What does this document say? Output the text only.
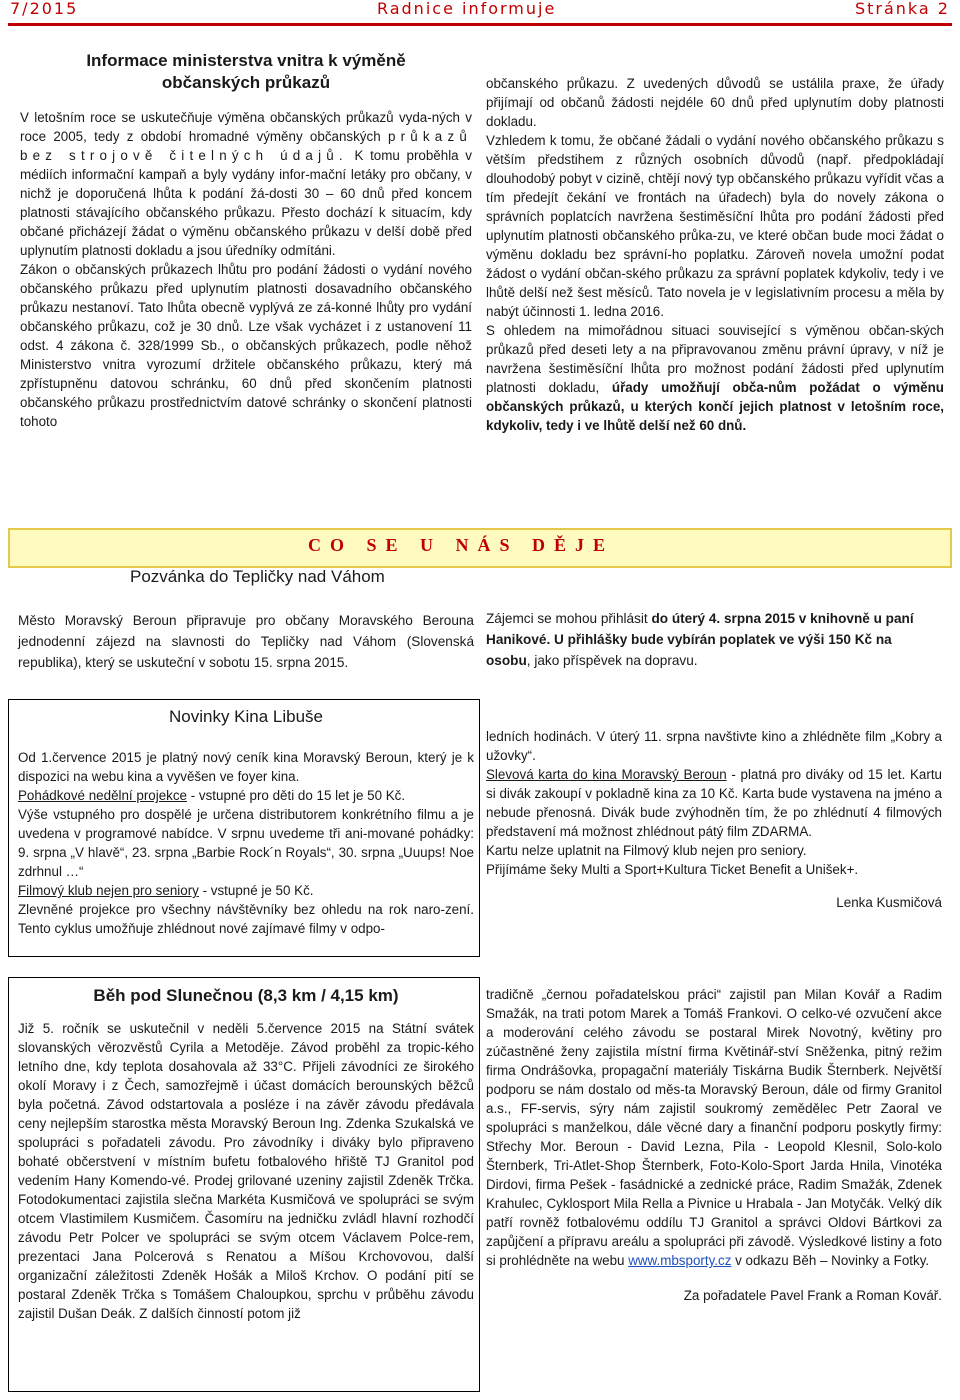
7/2015	Radnice informuje	Stránka 2
Informace ministerstva vnitra k výměně
občanských průkazů

V letošním roce se uskutečňuje výměna občanských průkazů vyda-ných v roce 2005, tedy z období hromadné výměny občanských průkazů bez strojově čitelných údajů. K tomu proběhla v médiích informační kampaň a byly vydány infor-mační letáky pro občany, v nichž je doporučená lhůta k podání žá-dosti 30 – 60 dnů před koncem platnosti stávajícího občanského průkazu. Přesto dochází k situacím, kdy občané přicházejí žádat o výměnu občanského průkazu v delší době před uplynutím platnosti dokladu a jsou úředníky odmítáni.

Zákon o občanských průkazech lhůtu pro podání žádosti o vydání nového občanského průkazu před uplynutím platnosti dosavadního občanského průkazu nestanoví. Tato lhůta obecně vyplývá ze zá-konné lhůty pro vydání občanského průkazu, což je 30 dnů. Lze však vycházet i z ustanovení 11 odst. 4 zákona č. 328/1999 Sb., o občanských průkazech, podle něhož Ministerstvo vnitra vyrozumí držitele občanského průkazu, který má zpřístupněnu datovou schránku, 60 dnů před skončením platnosti občanského průkazu prostřednictvím datové schránky o skončení platnosti tohoto

občanského průkazu. Z uvedených důvodů se ustálila praxe, že úřady přijímají od občanů žádosti nejdéle 60 dnů před uplynutím doby platnosti dokladu.

Vzhledem k tomu, že občané žádali o vydání nového občanského průkazu s větším předstihem z různých osobních důvodů (např. předpokládají dlouhodobý pobyt v cizině, chtějí nový typ občanského průkazu vyřídit včas a tím předejít čekání ve frontách na úřadech) byla do novely zákona o správních poplatcích navržena šestiměsíční lhůta pro podání žádosti před uplynutím platnosti občanského průka-zu, ve které občan bude moci žádat o výměnu dokladu bez správní-ho poplatku. Zároveň novela umožní podat žádost o vydání občan-ského průkazu za správní poplatek kdykoliv, tedy i ve lhůtě delší než šest měsíců. Tato novela je v legislativním procesu a měla by nabýt účinnosti 1. ledna 2016.

S ohledem na mimořádnou situaci související s výměnou občan-ských průkazů před deseti lety a na připravovanou změnu právní úpravy, v níž je navržena šestiměsíční lhůta pro možnost podání žádosti před uplynutím platnosti dokladu, úřady umožňují obča-nům požádat o výměnu občanských průkazů, u kterých končí jejich platnost v letošním roce, kdykoliv, tedy i ve lhůtě delší než 60 dnů.

CO SE U NÁS DĚJE
Pozvánka do Tepličky nad Váhom

Město Moravský Beroun připravuje pro občany Moravského Berouna jednodenní zájezd na slavnosti do Tepličky nad Váhom (Slovenská republika), který se uskuteční v sobotu 15. srpna 2015.

Zájemci se mohou přihlásit do úterý 4. srpna 2015 v knihovně u paní Hanikové. U přihlášky bude vybírán poplatek ve výši 150 Kč na osobu, jako příspěvek na dopravu.

Novinky Kina Libuše

Od 1.července 2015 je platný nový ceník kina Moravský Beroun, který je k dispozici na webu kina a vyvěšen ve foyer kina.

Pohádkové nedělní projekce - vstupné pro děti do 15 let je 50 Kč.

Výše vstupného pro dospělé je určena distributorem konkrétního filmu a je uvedena v programové nabídce. V srpnu uvedeme tři ani-mované pohádky: 9. srpna „V hlavě“, 23. srpna „Barbie Rock´n Royals“, 30. srpna „Uuups! Noe zdrhnul …“

Filmový klub nejen pro seniory - vstupné je 50 Kč.

Zlevněné projekce pro všechny návštěvníky bez ohledu na rok naro-zení. Tento cyklus umožňuje zhlédnout nové zajímavé filmy v odpo-

ledních hodinách. V úterý 11. srpna navštivte kino a zhlédněte film „Kobry a užovky“.

Slevová karta do kina Moravský Beroun - platná pro diváky od 15 let. Kartu si divák zakoupí v pokladně kina za 10 Kč. Karta bude vystavena na jméno a nebude přenosná. Divák bude zvýhodněn tím, že po zhlédnutí 4 filmových představení má možnost zhlédnout pátý film ZDARMA.

Kartu nelze uplatnit na Filmový klub nejen pro seniory.

Přijímáme šeky Multi a Sport+Kultura Ticket Benefit a Unišek+.

Lenka Kusmičová

Běh pod Slunečnou (8,3 km / 4,15 km)

Již 5. ročník se uskutečnil v neděli 5.července 2015 na Státní svátek slovanských věrozvěstů Cyrila a Metoděje. Závod proběhl za tropic-kého letního dne, kdy teplota dosahovala až 33°C. Přijeli závodníci ze širokého okolí Moravy i z Čech, samozřejmě i účast domácích berounských běžců byla početná. Závod odstartovala a posléze i na závěr závodu předávala ceny nejlepším starostka města Moravský Beroun Ing. Zdenka Szukalská ve spolupráci s pořadateli závodu. Pro závodníky i diváky bylo připraveno bohaté občerstvení v místním bufetu fotbalového hřiště TJ Granitol pod vedením Hany Komendo-vé. Prodej grilované uzeniny zajistil Zdeněk Trčka. Fotodokumentaci zajistila slečna Markéta Kusmičová ve spolupráci se svým otcem Vlastimilem Kusmičem. Časomíru na jedničku zvládl hlavní rozhodčí závodu Petr Polcer ve spolupráci se svým otcem Václavem Polce-rem, prezentaci Jana Polcerová s Renatou a Míšou Krchovovou, další organizační záležitosti Zdeněk Hošák a Miloš Krchov. O podání pití se postaral Zdeněk Trčka s Tomášem Chaloupkou, sprchu v průběhu závodu zajistil Dušan Deák. Z dalších činností potom již

tradičně „černou pořadatelskou práci“ zajistil pan Milan Kovář a Radim Smažák, na trati potom Marek a Tomáš Frankovi. O celko-vé ozvučení akce a moderování celého závodu se postaral Mirek Novotný, květiny pro zúčastněné ženy zajistila místní firma Květinář-ství Sněženka, pitný režim firma Ondrášovka, propagační materiály Tiskárna Budik Šternberk. Největší podporu se nám dostalo od měs-ta Moravský Beroun, dále od firmy Granitol a.s., FF-servis, sýry nám zajistil soukromý zemědělec Petr Zaoral ve spolupráci s manželkou, dále věcné dary a finanční podporu poskytly firmy: Střechy Mor. Beroun - David Lezna, Pila - Leopold Klesnil, Solo-kolo Šternberk, Tri-Atlet-Shop Šternberk, Foto-Kolo-Sport Jarda Hnila, Vinotéka Dirdovi, firma Pešek - fasádnické a zednické práce, Radim Smažák, Zdenek Krahulec, Cyklosport Mila Rella a Pivnice u Hrabala - Jan Motyčák. Velký dík patří rovněž fotbalovému oddílu TJ Granitol a správci Oldovi Bártkovi za zapůjčení a přípravu areálu a spolupráci při závodě. Výsledkové listiny a foto si prohlédněte na webu www.mbsporty.cz v odkazu Běh – Novinky a Fotky.

Za pořadatele Pavel Frank a Roman Kovář.
